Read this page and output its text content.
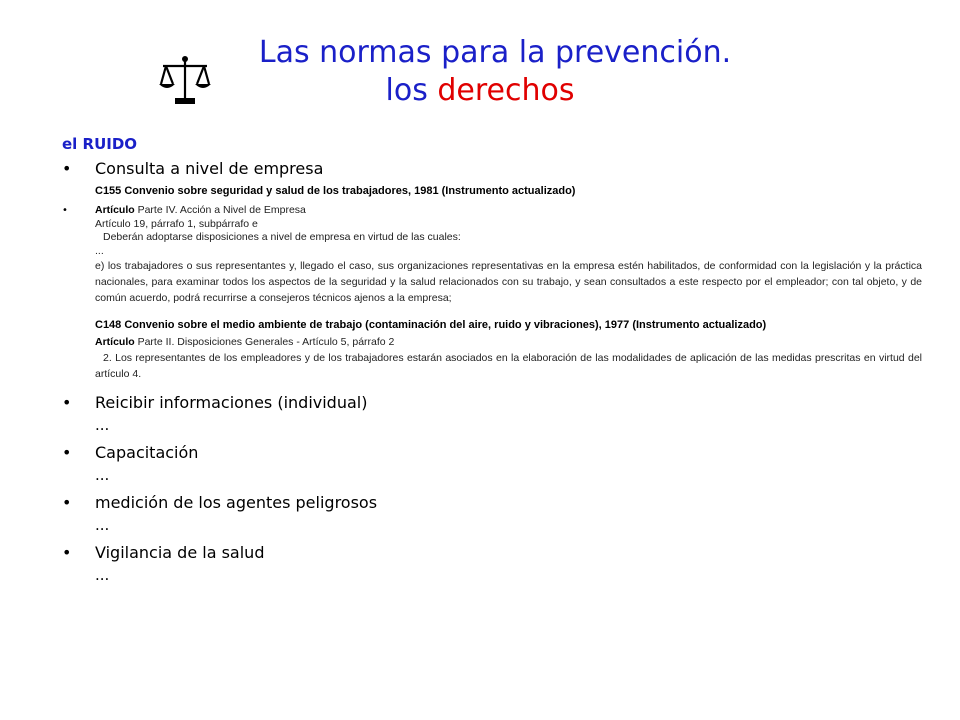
Las normas para la prevención.
los derechos
el RUIDO
•	Consulta a nivel de empresa
C155 Convenio sobre seguridad y salud de los trabajadores, 1981 (Instrumento actualizado)
•	Artículo Parte IV. Acción a Nivel de Empresa
Artículo 19, párrafo 1, subpárrafo e
Deberán adoptarse disposiciones a nivel de empresa en virtud de las cuales:
...
e) los trabajadores o sus representantes y, llegado el caso, sus organizaciones representativas en la empresa estén habilitados, de conformidad con la legislación y la práctica nacionales, para examinar todos los aspectos de la seguridad y la salud relacionados con su trabajo, y sean consultados a este respecto por el empleador; con tal objeto, y de común acuerdo, podrá recurrirse a consejeros técnicos ajenos a la empresa;
C148 Convenio sobre el medio ambiente de trabajo (contaminación del aire, ruido y vibraciones), 1977 (Instrumento actualizado)
Artículo Parte II. Disposiciones Generales - Artículo 5, párrafo 2
2. Los representantes de los empleadores y de los trabajadores estarán asociados en la elaboración de las modalidades de aplicación de las medidas prescritas en virtud del artículo 4.
•	Reicibir informaciones (individual)
...
•	Capacitación
...
•	medición de los agentes peligrosos
...
•	Vigilancia de la salud
...
